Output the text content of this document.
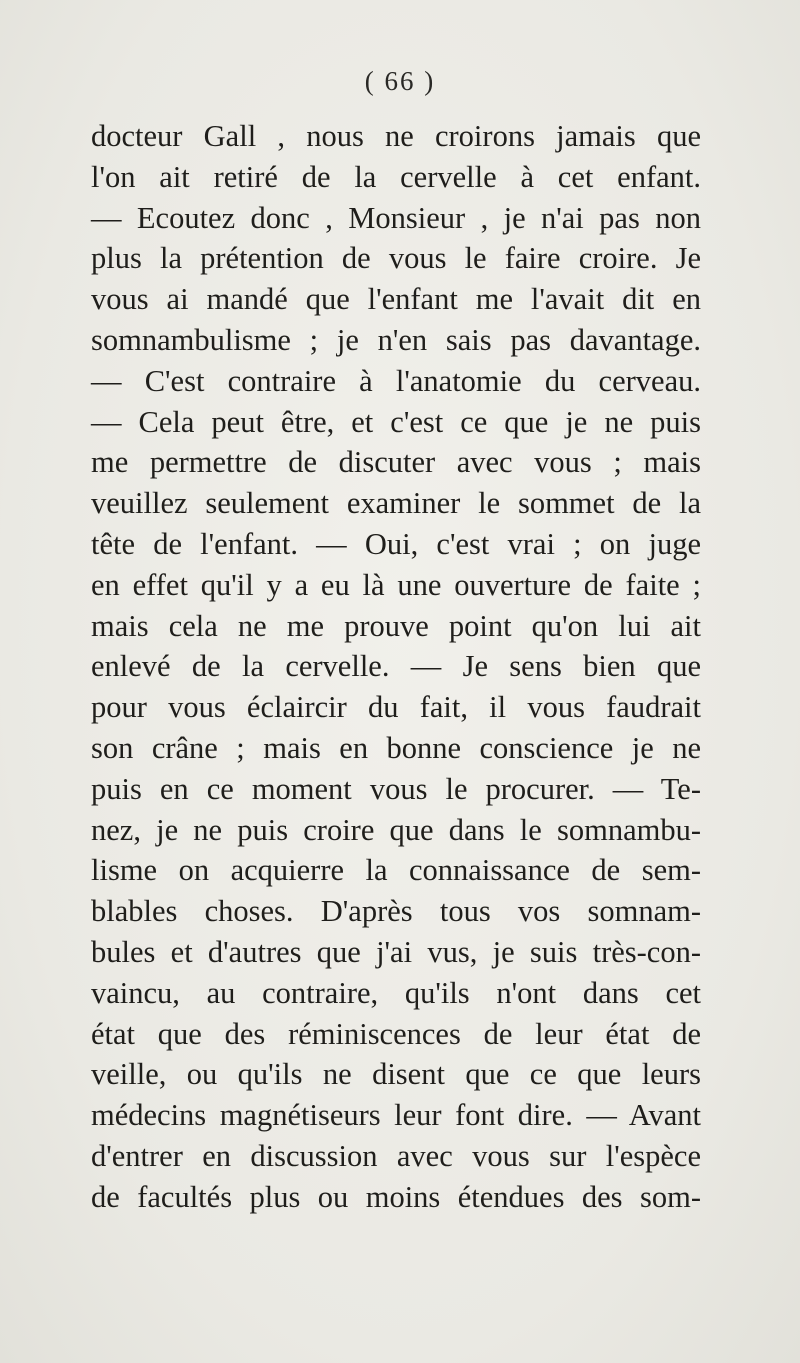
( 66 )
docteur Gall , nous ne croirons jamais que
l'on ait retiré de la cervelle à cet enfant.
— Ecoutez donc , Monsieur , je n'ai pas non
plus la prétention de vous le faire croire. Je
vous ai mandé que l'enfant me l'avait dit en
somnambulisme ; je n'en sais pas davantage.
— C'est contraire à l'anatomie du cerveau.
— Cela peut être, et c'est ce que je ne puis
me permettre de discuter avec vous ; mais
veuillez seulement examiner le sommet de la
tête de l'enfant. — Oui, c'est vrai ; on juge
en effet qu'il y a eu là une ouverture de faite ;
mais cela ne me prouve point qu'on lui ait
enlevé de la cervelle. — Je sens bien que
pour vous éclaircir du fait, il vous faudrait
son crâne ; mais en bonne conscience je ne
puis en ce moment vous le procurer. — Te-
nez, je ne puis croire que dans le somnambu-
lisme on acquierre la connaissance de sem-
blables choses. D'après tous vos somnam-
bules et d'autres que j'ai vus, je suis très-con-
vaincu, au contraire, qu'ils n'ont dans cet
état que des réminiscences de leur état de
veille, ou qu'ils ne disent que ce que leurs
médecins magnétiseurs leur font dire. — Avant
d'entrer en discussion avec vous sur l'espèce
de facultés plus ou moins étendues des som-
